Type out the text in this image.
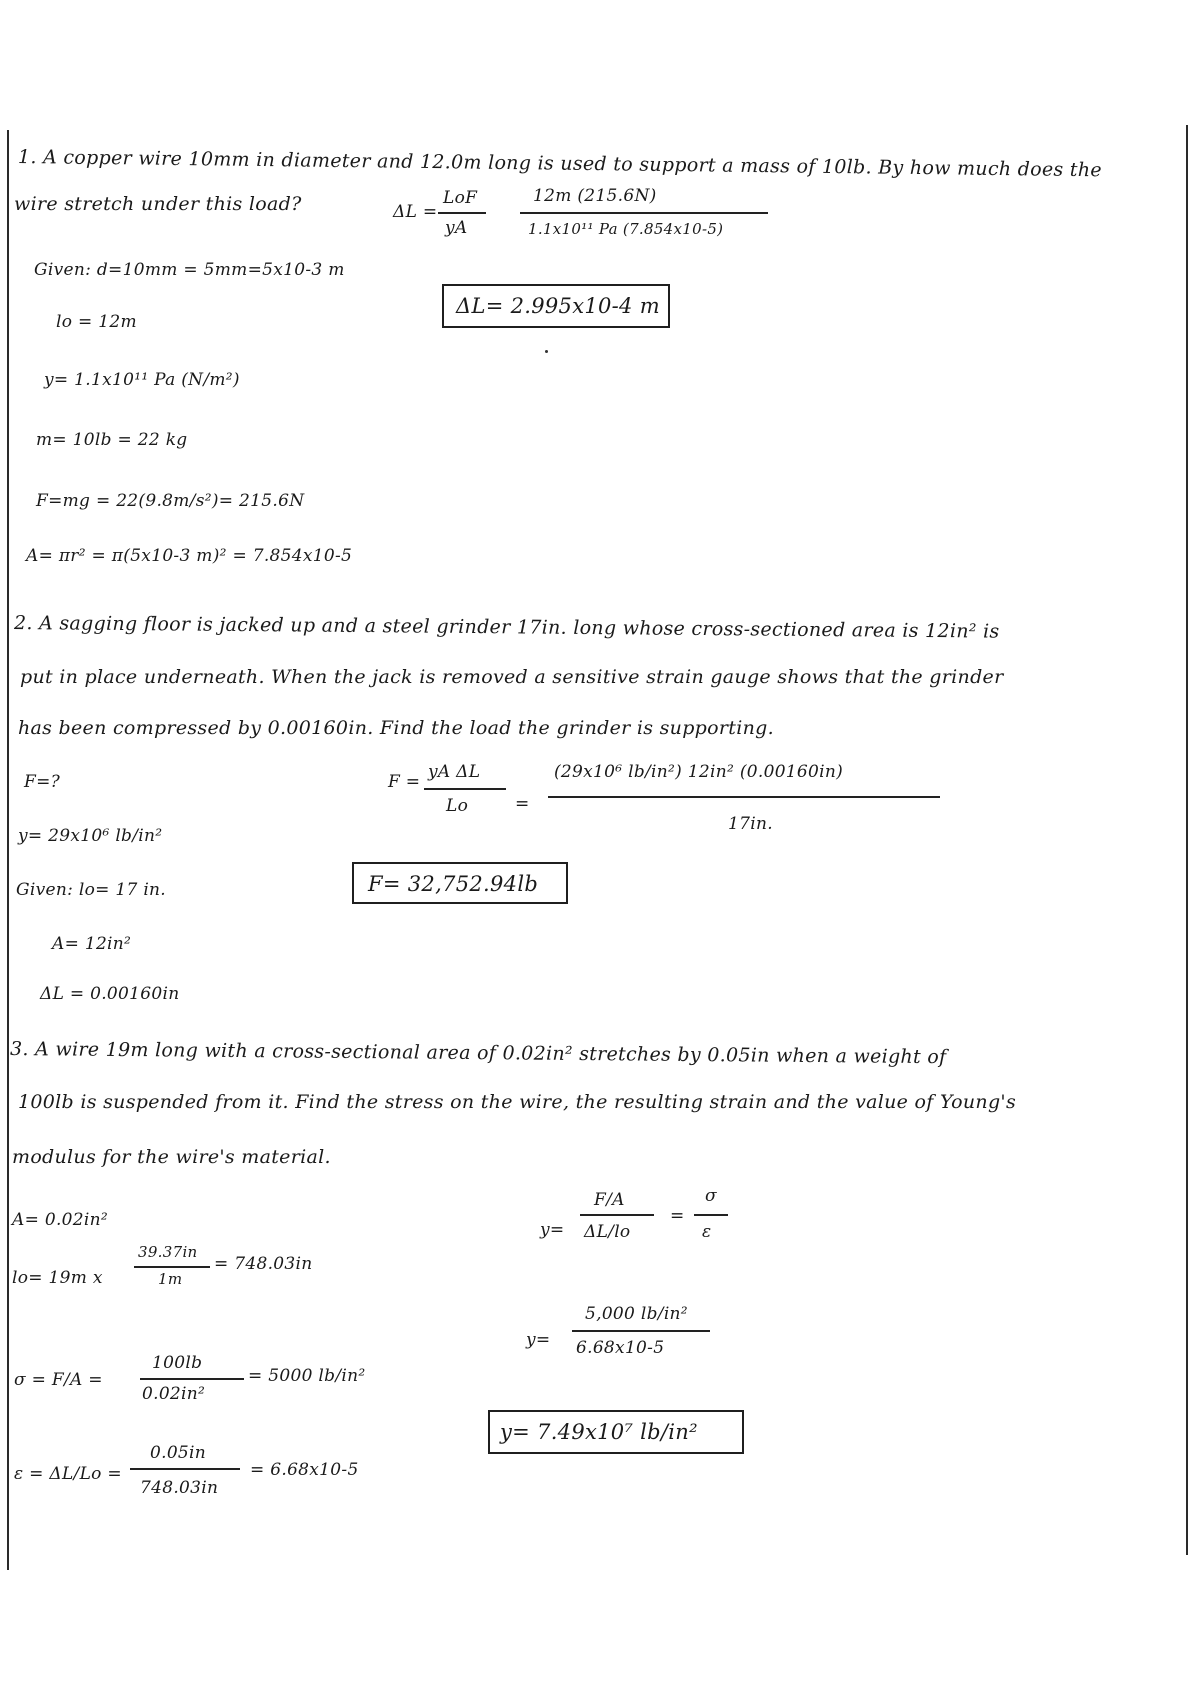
1. A copper wire 10mm in diameter and 12.0m long is used to support a mass of 10lb. By how much does the
wire stretch under this load?	ΔL =
LoF
yA
12m (215.6N)
1.1x10¹¹ Pa (7.854x10-5)
Given: d=10mm = 5mm=5x10-3 m
ΔL= 2.995x10-4 m
lo = 12m
y= 1.1x10¹¹ Pa (N/m²)
m= 10lb = 22 kg
F=mg = 22(9.8m/s²)= 215.6N
A= πr² = π(5x10-3 m)² = 7.854x10-5
2. A sagging floor is jacked up and a steel grinder 17in. long whose cross-sectioned area is 12in² is
put in place underneath. When the jack is removed a sensitive strain gauge shows that the grinder
has been compressed by 0.00160in. Find the load the grinder is supporting.
F=?	F = yA ΔL
Lo	=
(29x10⁶ lb/in²) 12in² (0.00160in)
17in.
y= 29x10⁶ lb/in²
F= 32,752.94lb
Given: lo= 17 in.
A= 12in²
ΔL = 0.00160in
3. A wire 19m long with a cross-sectional area of 0.02in² stretches by 0.05in when a weight of
100lb is suspended from it. Find the stress on the wire, the resulting strain and the value of Young's
modulus for the wire's material.
A= 0.02in²	y=
F/A
ΔL/lo
=
σ
ε
lo= 19m x
39.37in
1m
= 748.03in
y=
5,000 lb/in²
6.68x10-5
σ = F/A =
100lb
0.02in²
= 5000 lb/in²
y= 7.49x10⁷ lb/in²
ε = ΔL/Lo =
0.05in
748.03in
= 6.68x10-5
